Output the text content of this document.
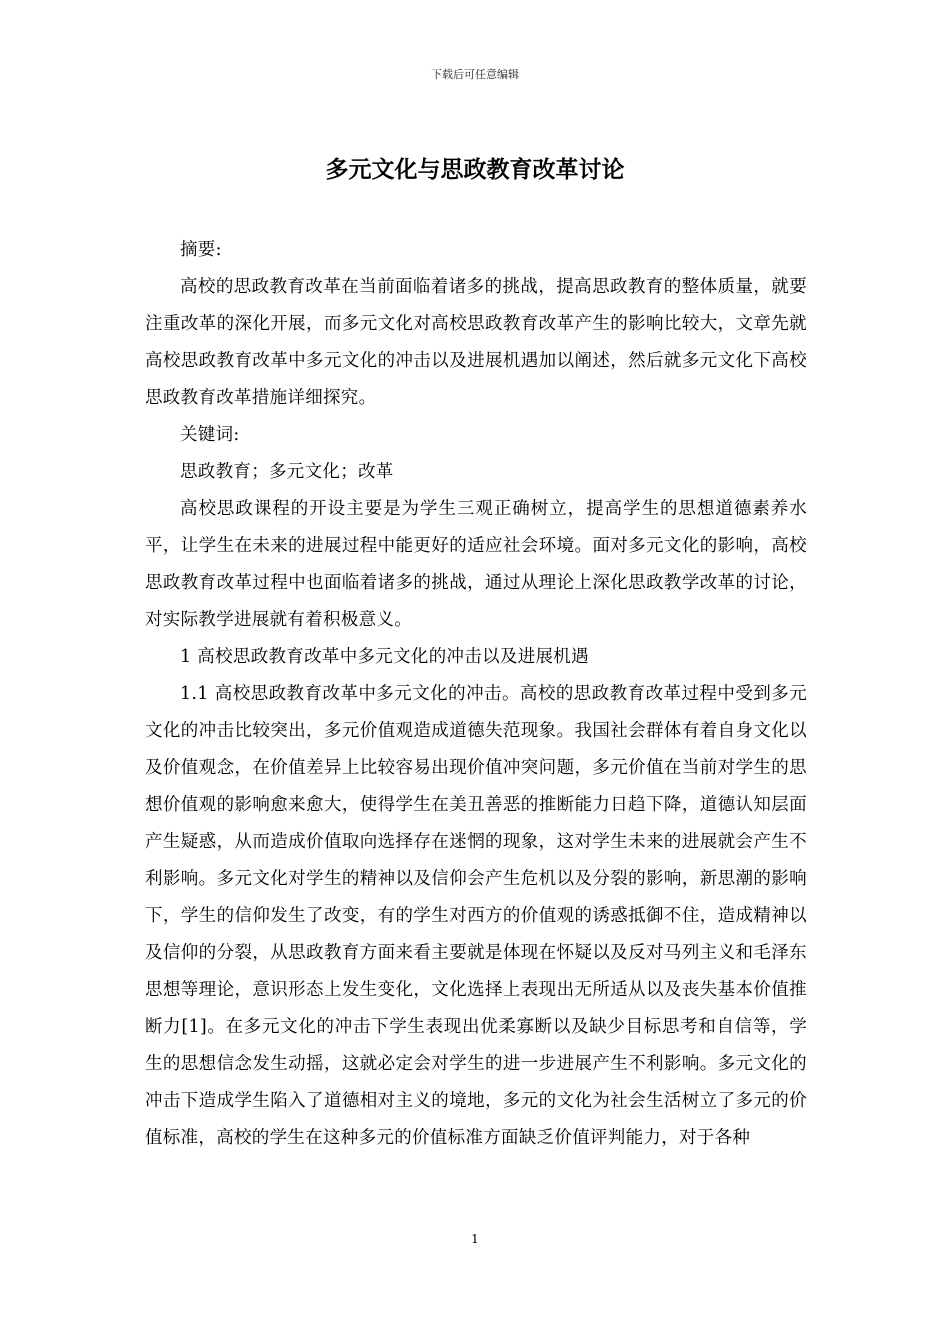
下载后可任意编辑
多元文化与思政教育改革讨论

摘要:

高校的思政教育改革在当前面临着诸多的挑战，提高思政教育的整体质量，就要注重改革的深化开展，而多元文化对高校思政教育改革产生的影响比较大，文章先就高校思政教育改革中多元文化的冲击以及进展机遇加以阐述，然后就多元文化下高校思政教育改革措施详细探究。

关键词:

思政教育；多元文化；改革

高校思政课程的开设主要是为学生三观正确树立，提高学生的思想道德素养水平，让学生在未来的进展过程中能更好的适应社会环境。面对多元文化的影响，高校思政教育改革过程中也面临着诸多的挑战，通过从理论上深化思政教学改革的讨论，对实际教学进展就有着积极意义。

1 高校思政教育改革中多元文化的冲击以及进展机遇

1.1 高校思政教育改革中多元文化的冲击。高校的思政教育改革过程中受到多元文化的冲击比较突出，多元价值观造成道德失范现象。我国社会群体有着自身文化以及价值观念，在价值差异上比较容易出现价值冲突问题，多元价值在当前对学生的思想价值观的影响愈来愈大，使得学生在美丑善恶的推断能力日趋下降，道德认知层面产生疑惑，从而造成价值取向选择存在迷惘的现象，这对学生未来的进展就会产生不利影响。多元文化对学生的精神以及信仰会产生危机以及分裂的影响，新思潮的影响下，学生的信仰发生了改变，有的学生对西方的价值观的诱惑抵御不住，造成精神以及信仰的分裂，从思政教育方面来看主要就是体现在怀疑以及反对马列主义和毛泽东思想等理论，意识形态上发生变化，文化选择上表现出无所适从以及丧失基本价值推断力[1]。在多元文化的冲击下学生表现出优柔寡断以及缺少目标思考和自信等，学生的思想信念发生动摇，这就必定会对学生的进一步进展产生不利影响。多元文化的冲击下造成学生陷入了道德相对主义的境地，多元的文化为社会生活树立了多元的价值标准，高校的学生在这种多元的价值标准方面缺乏价值评判能力，对于各种

1
